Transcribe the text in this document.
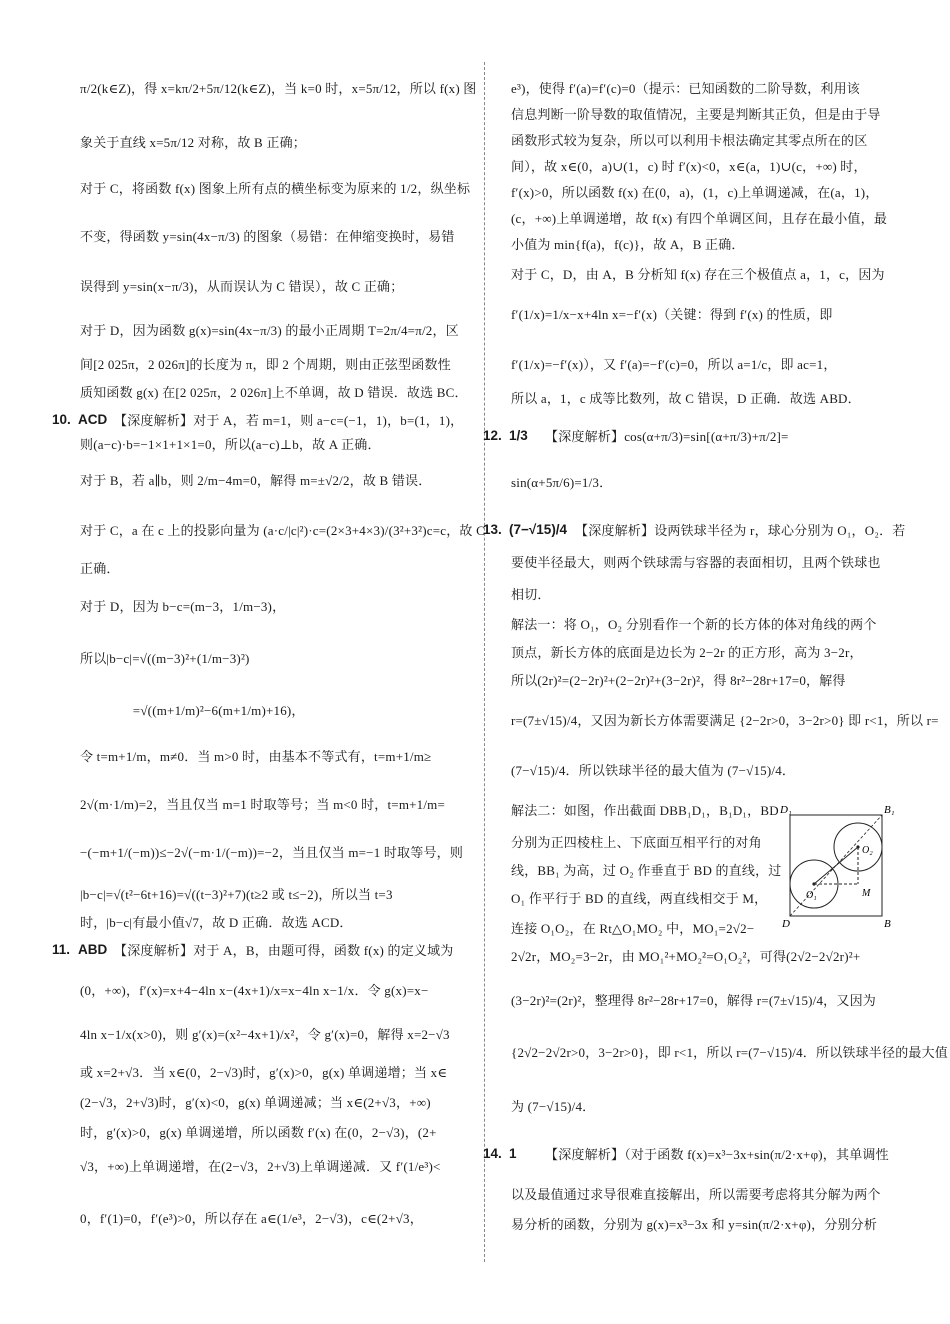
π/2(k∈Z)，得 x=kπ/2+5π/12(k∈Z)，当 k=0 时，x=5π/12，所以 f(x) 图
象关于直线 x=5π/12 对称，故 B 正确；
对于 C，将函数 f(x) 图象上所有点的横坐标变为原来的 1/2，纵坐标
不变，得函数 y=sin(4x−π/3) 的图象（易错：在伸缩变换时，易错
误得到 y=sin(x−π/3)，从而误认为 C 错误），故 C 正确；
对于 D，因为函数 g(x)=sin(4x−π/3) 的最小正周期 T=2π/4=π/2，区
间[2 025π，2 026π]的长度为 π，即 2 个周期，则由正弦型函数性
质知函数 g(x) 在[2 025π，2 026π]上不单调，故 D 错误．故选 BC．
10. ACD 【深度解析】对于 A，若 m=1，则 a−c=(−1，1)，b=(1，1)，
则(a−c)·b=−1×1+1×1=0，所以(a−c)⊥b，故 A 正确．
对于 B，若 a∥b，则 2/m−4m=0，解得 m=±√2/2，故 B 错误．
对于 C，a 在 c 上的投影向量为 (a·c/|c|²)·c=(2×3+4×3)/(3²+3²)c=c，故 C
正确．
对于 D，因为 b−c=(m−3，1/m−3)，
所以|b−c|=√((m−3)²+(1/m−3)²)
　　　　=√((m+1/m)²−6(m+1/m)+16)，
令 t=m+1/m，m≠0．当 m>0 时，由基本不等式有，t=m+1/m≥
2√(m·1/m)=2，当且仅当 m=1 时取等号；当 m<0 时，t=m+1/m=
−(−m+1/(−m))≤−2√(−m·1/(−m))=−2，当且仅当 m=−1 时取等号，则
|b−c|=√(t²−6t+16)=√((t−3)²+7)(t≥2 或 t≤−2)，所以当 t=3
时，|b−c|有最小值√7，故 D 正确．故选 ACD．
11. ABD 【深度解析】对于 A，B，由题可得，函数 f(x) 的定义域为
(0，+∞)，f′(x)=x+4−4ln x−(4x+1)/x=x−4ln x−1/x．令 g(x)=x−
4ln x−1/x(x>0)，则 g′(x)=(x²−4x+1)/x²，令 g′(x)=0，解得 x=2−√3
或 x=2+√3．当 x∈(0，2−√3)时，g′(x)>0，g(x) 单调递增；当 x∈
(2−√3，2+√3)时，g′(x)<0，g(x) 单调递减；当 x∈(2+√3，+∞)
时，g′(x)>0，g(x) 单调递增，所以函数 f′(x) 在(0，2−√3)，(2+
√3，+∞)上单调递增，在(2−√3，2+√3)上单调递减．又 f′(1/e³)<
0，f′(1)=0，f′(e³)>0，所以存在 a∈(1/e³，2−√3)，c∈(2+√3，
e³)，使得 f′(a)=f′(c)=0（提示：已知函数的二阶导数，利用该
信息判断一阶导数的取值情况，主要是判断其正负，但是由于导
函数形式较为复杂，所以可以利用卡根法确定其零点所在的区
间），故 x∈(0，a)∪(1，c) 时 f′(x)<0，x∈(a，1)∪(c，+∞) 时，
f′(x)>0，所以函数 f(x) 在(0，a)，(1，c)上单调递减，在(a，1)，
(c，+∞)上单调递增，故 f(x) 有四个单调区间，且存在最小值，最
小值为 min{f(a)，f(c)}，故 A，B 正确．
对于 C，D，由 A，B 分析知 f(x) 存在三个极值点 a，1，c，因为
f′(1/x)=1/x−x+4ln x=−f′(x)（关键：得到 f′(x) 的性质，即
f′(1/x)=−f′(x)），又 f′(a)=−f′(c)=0，所以 a=1/c，即 ac=1，
所以 a，1，c 成等比数列，故 C 错误，D 正确．故选 ABD．
12. 1/3 【深度解析】cos(α+π/3)=sin[(α+π/3)+π/2]=
sin(α+5π/6)=1/3．
13. (7−√15)/4 【深度解析】设两铁球半径为 r，球心分别为 O₁，O₂．若
要使半径最大，则两个铁球需与容器的表面相切，且两个铁球也
相切．
解法一：将 O₁，O₂ 分别看作一个新的长方体的体对角线的两个
顶点，新长方体的底面是边长为 2−2r 的正方形，高为 3−2r，
所以(2r)²=(2−2r)²+(2−2r)²+(3−2r)²，得 8r²−28r+17=0，解得
r=(7±√15)/4，又因为新长方体需要满足 {2−2r>0，3−2r>0} 即 r<1，所以 r=
(7−√15)/4．所以铁球半径的最大值为 (7−√15)/4．
解法二：如图，作出截面 DBB₁D₁，B₁D₁，BD
分别为正四棱柱上、下底面互相平行的对角
线，BB₁ 为高，过 O₂ 作垂直于 BD 的直线，过
O₁ 作平行于 BD 的直线，两直线相交于 M，
连接 O₁O₂，在 Rt△O₁MO₂ 中，MO₁=2√2−
2√2r，MO₂=3−2r，由 MO₁²+MO₂²=O₁O₂²，可得(2√2−2√2r)²+
(3−2r)²=(2r)²，整理得 8r²−28r+17=0，解得 r=(7±√15)/4，又因为
{2√2−2√2r>0，3−2r>0}，即 r<1，所以 r=(7−√15)/4．所以铁球半径的最大值
为 (7−√15)/4．
14. 1 【深度解析】（对于函数 f(x)=x³−3x+sin(π/2·x+φ)，其单调性
以及最值通过求导很难直接解出，所以需要考虑将其分解为两个
易分析的函数，分别为 g(x)=x³−3x 和 y=sin(π/2·x+φ)，分别分析
D₁	B₁
D	B
O₁
O₂
M
